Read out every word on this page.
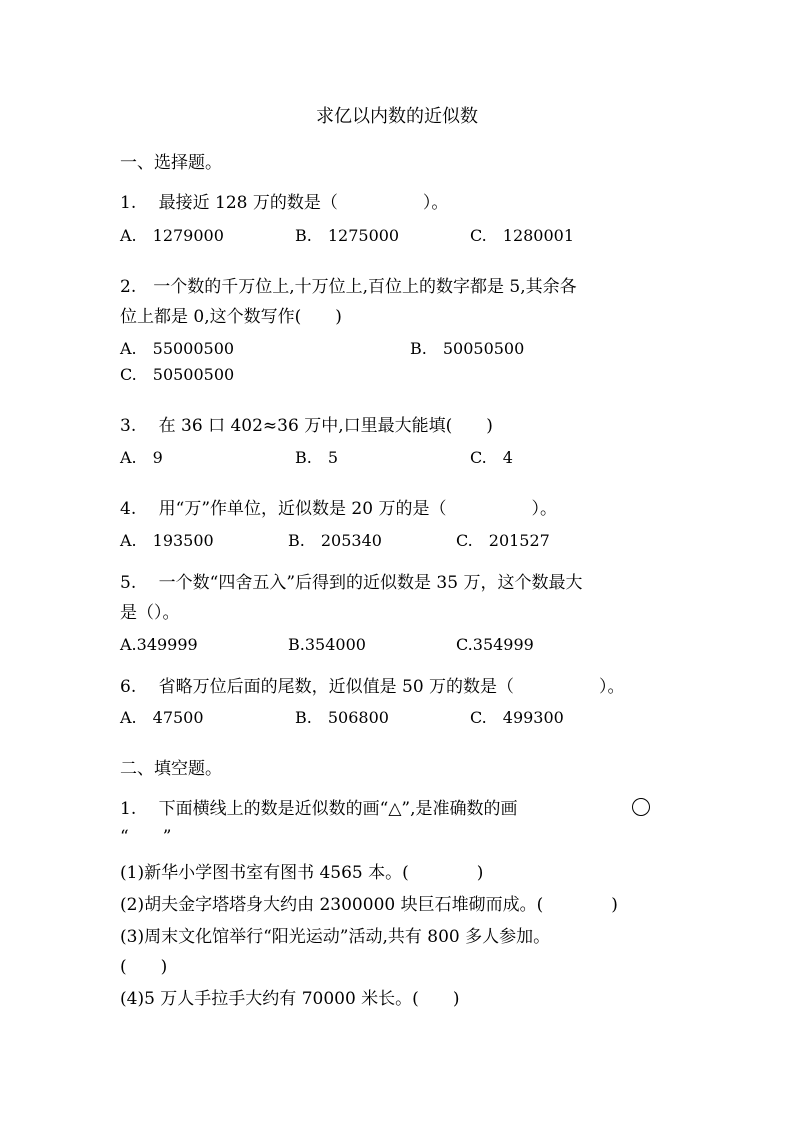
求亿以内数的近似数
一、选择题。
1.　 最接近 128 万的数是（　　　　　）。
A.　1279000	B.　1275000	C.　1280001
2.　一个数的千万位上,十万位上,百位上的数字都是 5,其余各
位上都是 0,这个数写作(　　)
A.　55000500	B.　50050500
C.　50500500
3.　 在 36 口 402≈36 万中,口里最大能填(　　)
A.　9	B.　5	C.　4
4.　 用“万”作单位，近似数是 20 万的是（　　　　　）。
A.　193500	B.　205340	C.　201527
5.　 一个数“四舍五入”后得到的近似数是 35 万，这个数最大
是（）。
A.349999	B.354000	C.354999
6.　 省略万位后面的尾数，近似值是 50 万的数是（　　　　　）。
A.　47500	B.　506800	C.　499300
二、填空题。
1.　 下面横线上的数是近似数的画“△”,是准确数的画
“　　”
(1)新华小学图书室有图书 4565 本。(　　　　)
(2)胡夫金字塔塔身大约由 2300000 块巨石堆砌而成。(　　　　)
(3)周末文化馆举行“阳光运动”活动,共有 800 多人参加。
(　　)
(4)5 万人手拉手大约有 70000 米长。(　　)
